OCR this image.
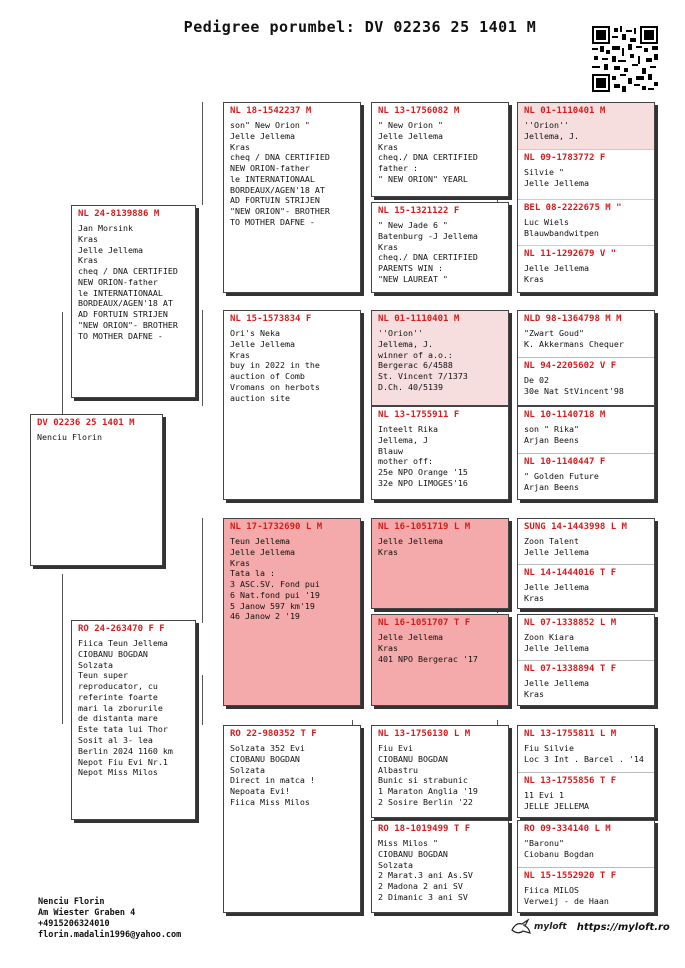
Pedigree porumbel: DV 02236 25 1401 M
DV 02236 25 1401 M
Nenciu Florin
NL 24-8139886 M
Jan Morsink
Kras
Jelle Jellema
Kras
cheq / DNA CERTIFIED
NEW ORION-father
le INTERNATIONAAL
BORDEAUX/AGEN'18 AT
AD FORTUIN STRIJEN
"NEW ORION"- BROTHER
TO MOTHER DAFNE -
RO 24-263470 F F
Fiica Teun Jellema
CIOBANU BOGDAN
Solzata
Teun super
reproducator, cu
referinte foarte
mari la zborurile
de distanta mare
Este tata lui Thor
Sosit al 3- lea
Berlin 2024 1160 km
Nepot Fiu Evi Nr.1
Nepot Miss Milos
NL 18-1542237 M
son" New Orion "
Jelle Jellema
Kras
cheq / DNA CERTIFIED
NEW ORION-father
le INTERNATIONAAL
BORDEAUX/AGEN'18 AT
AD FORTUIN STRIJEN
"NEW ORION"- BROTHER
TO MOTHER DAFNE -
NL 15-1573834 F
Ori's Neka
Jelle Jellema
Kras
buy in 2022 in the
auction of Comb
Vromans on herbots
auction site
NL 17-1732690 L M
Teun Jellema
Jelle Jellema
Kras
Tata la :
3 ASC.SV. Fond pui
6 Nat.fond pui '19
5 Janow 597 km'19
46 Janow 2 '19
RO 22-980352 T F
Solzata 352 Evi
CIOBANU BOGDAN
Solzata
Direct in matca !
Nepoata Evi!
Fiica Miss Milos
NL 13-1756082 M
" New Orion "
Jelle Jellema
Kras
cheq./ DNA CERTIFIED
father :
" NEW ORION" YEARL
NL 15-1321122 F
" New Jade 6 "
Batenburg -J Jellema
Kras
cheq./ DNA CERTIFIED
PARENTS WIN :
"NEW LAUREAT "
NL 01-1110401 M
''Orion''
Jellema, J.
winner of a.o.:
Bergerac 6/4588
St. Vincent 7/1373
D.Ch. 40/5139
NL 13-1755911 F
Inteelt Rika
Jellema, J
Blauw
mother off:
25e NPO Orange '15
32e NPO LIMOGES'16
NL 16-1051719 L M
Jelle Jellema
Kras
NL 16-1051707 T F
Jelle Jellema
Kras
401 NPO Bergerac '17
NL 13-1756130 L M
Fiu Evi
CIOBANU BOGDAN
Albastru
Bunic si strabunic
1 Maraton Anglia '19
2 Sosire Berlin '22
RO 18-1019499 T F
Miss Milos "
CIOBANU BOGDAN
Solzata
2 Marat.3 ani As.SV
2 Madona 2 ani SV
2 Dimanic 3 ani SV
NL 01-1110401 M
''Orion''
Jellema, J.
NL 09-1783772 F
Silvie "
Jelle Jellema
BEL 08-2222675 M "
Luc Wiels
Blauwbandwitpen
NL 11-1292679 V "
Jelle Jellema
Kras
NLD 98-1364798 M M
"Zwart Goud"
K. Akkermans Chequer
NL 94-2205602 V F
De 02
30e Nat StVincent'98
NL 10-1140718 M
son " Rika"
Arjan Beens
NL 10-1140447 F
" Golden Future
Arjan Beens
SUNG 14-1443998 L M
Zoon Talent
Jelle Jellema
NL 14-1444016 T F
Jelle Jellema
Kras
NL 07-1338852 L M
Zoon Kiara
Jelle Jellema
NL 07-1338894 T F
Jelle Jellema
Kras
NL 13-1755811 L M
Fiu Silvie
Loc 3 Int . Barcel . '14
NL 13-1755856 T F
11 Evi 1
JELLE JELLEMA
RO 09-334140 L M
"Baronu"
Ciobanu Bogdan
NL 15-1552920 T F
Fiica MILOS
Verweij - de Haan
Nenciu Florin
Am Wiester Graben 4
+4915206324010
florin.madalin1996@yahoo.com
myloft https://myloft.ro
